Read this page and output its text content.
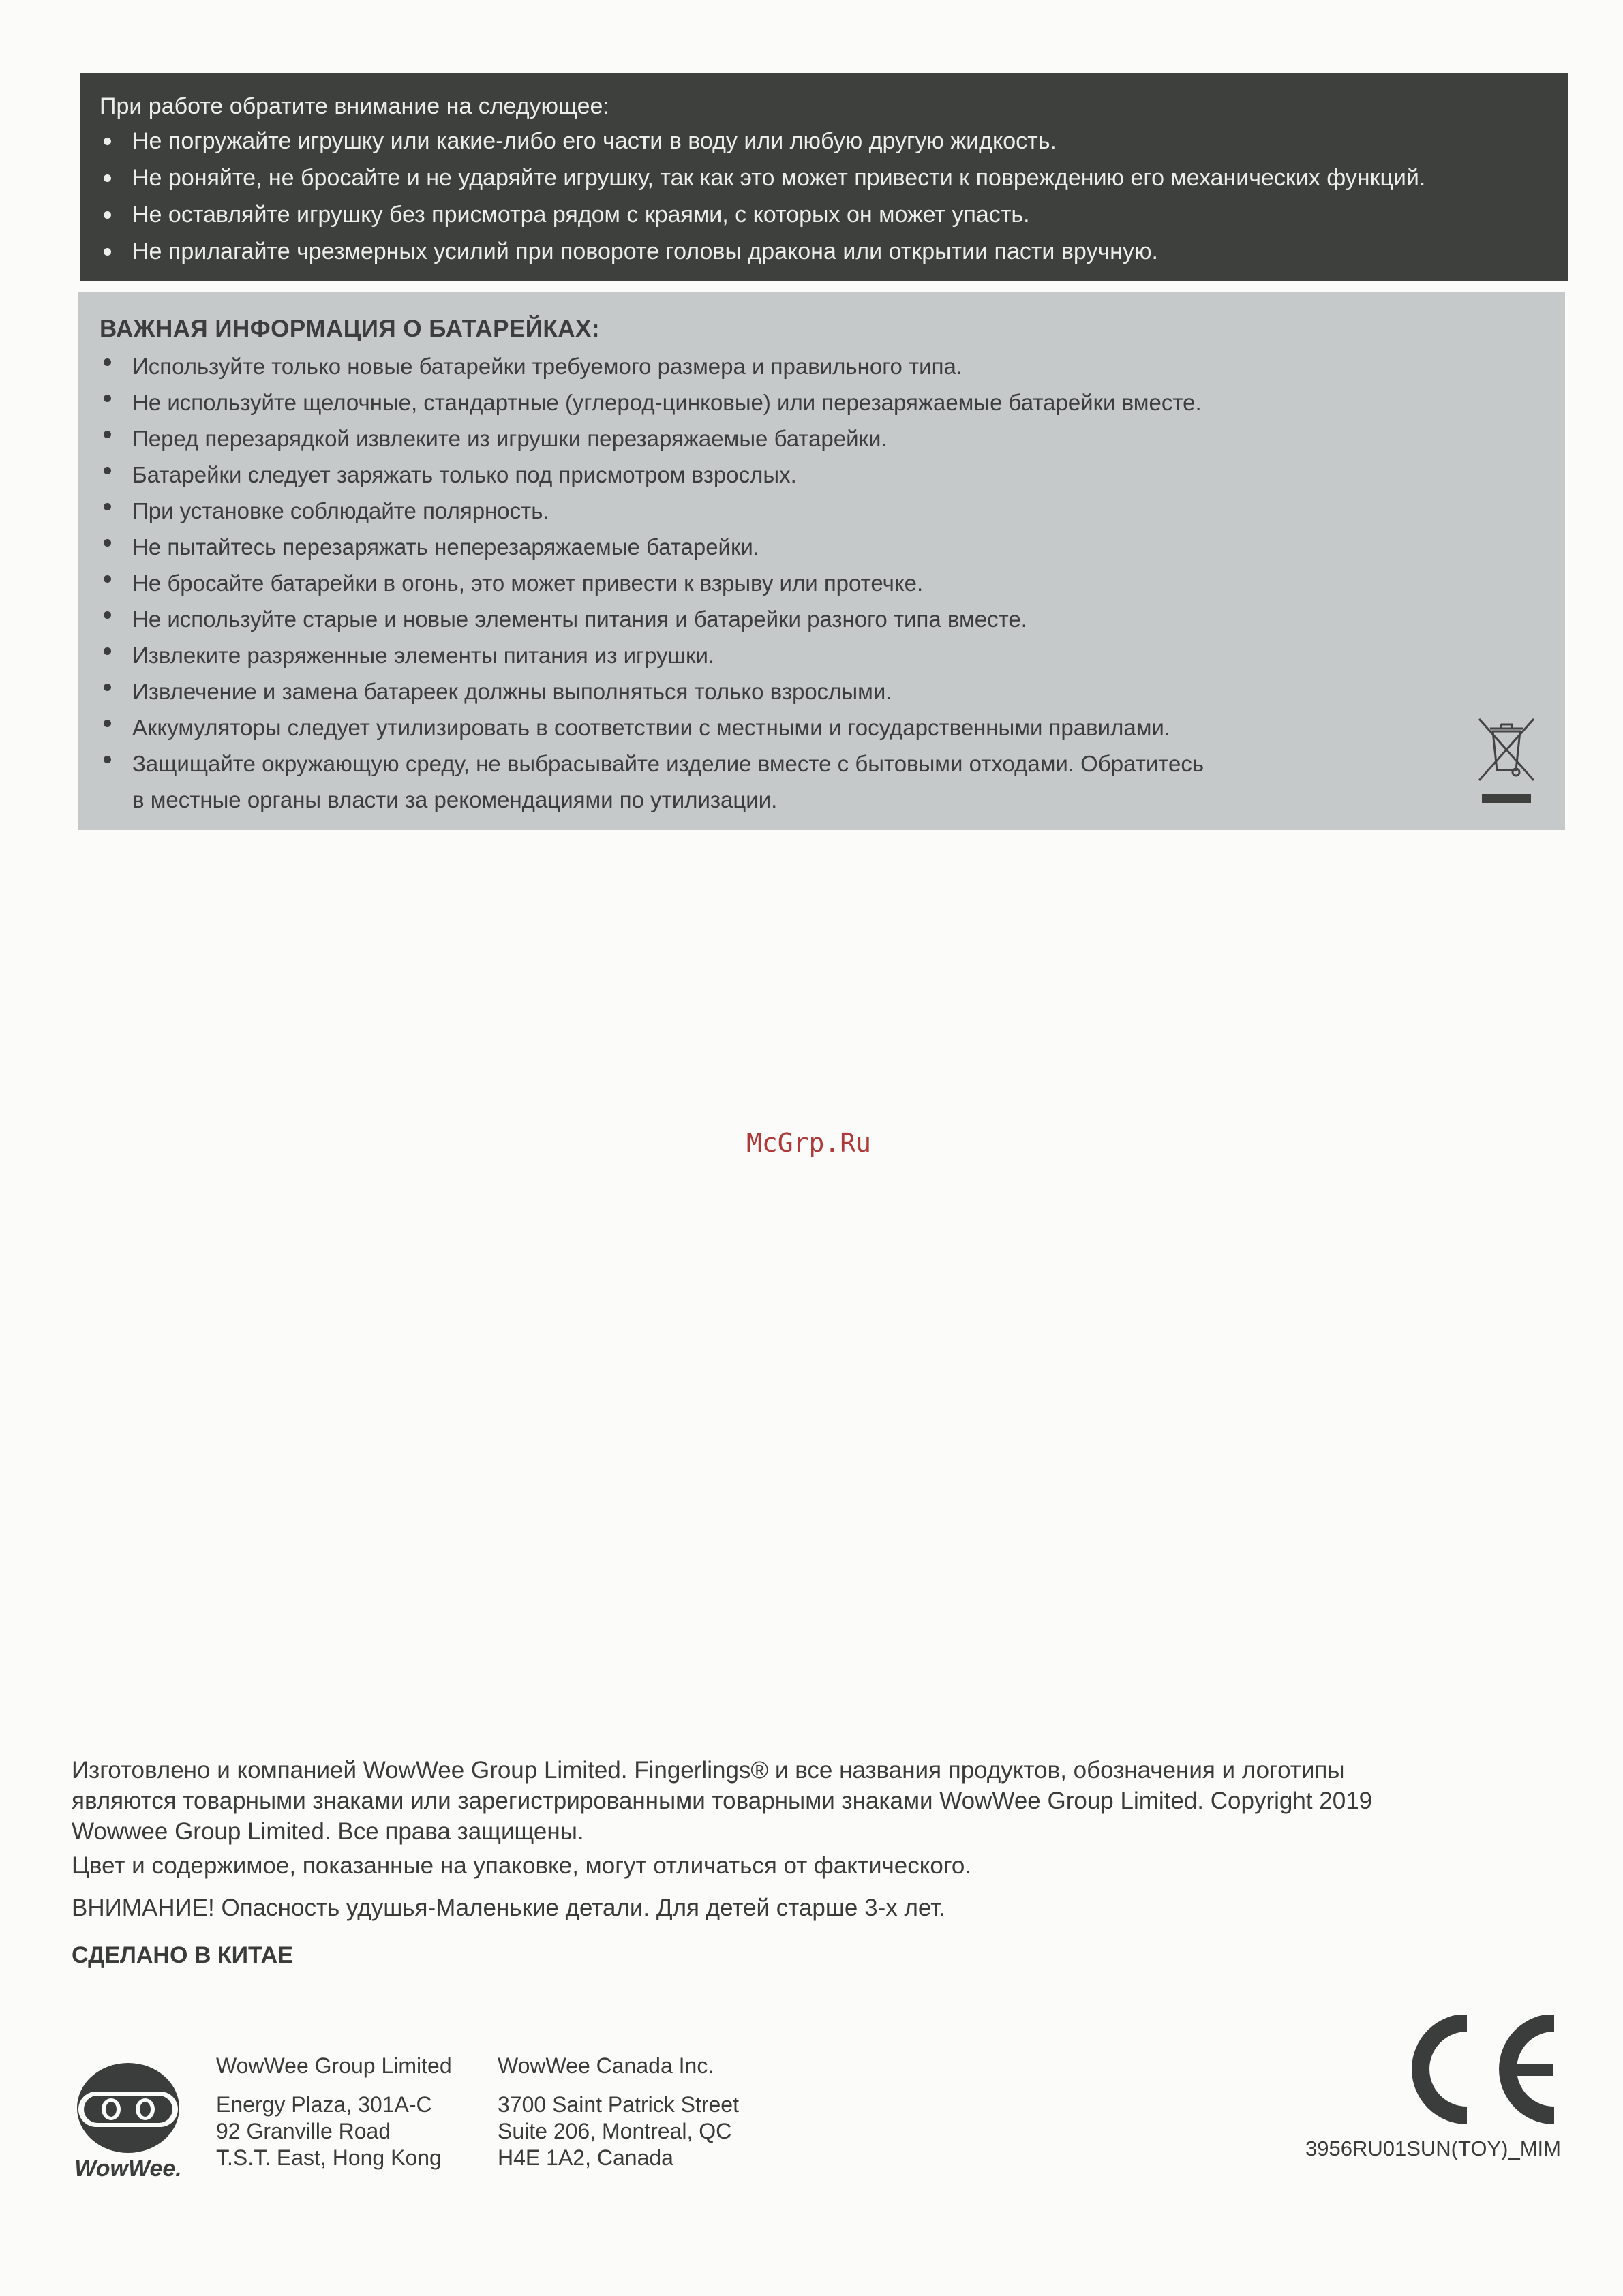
При работе обратите внимание на следующее:
Не погружайте игрушку или какие-либо его части в воду или любую другую жидкость.
Не роняйте, не бросайте и не ударяйте игрушку, так как это может привести к повреждению его механических функций.
Не оставляйте игрушку без присмотра рядом с краями, с которых он может упасть.
Не прилагайте чрезмерных усилий при повороте головы дракона или открытии пасти вручную.
ВАЖНАЯ ИНФОРМАЦИЯ О БАТАРЕЙКАХ:
Используйте только новые батарейки требуемого размера и правильного типа.
Не используйте щелочные, стандартные (углерод-цинковые) или перезаряжаемые батарейки вместе.
Перед перезарядкой извлеките из игрушки перезаряжаемые батарейки.
Батарейки следует заряжать только под присмотром взрослых.
При установке соблюдайте полярность.
Не пытайтесь перезаряжать неперезаряжаемые батарейки.
Не бросайте батарейки в огонь, это может привести к взрыву или протечке.
Не используйте старые и новые элементы питания и батарейки разного типа вместе.
Извлеките разряженные элементы питания из игрушки.
Извлечение и замена батареек должны выполняться только взрослыми.
Аккумуляторы следует утилизировать в соответствии с местными и государственными правилами.
Защищайте окружающую среду, не выбрасывайте изделие вместе с бытовыми отходами. Обратитесь
в местные органы власти за рекомендациями по утилизации.
McGrp.Ru
Изготовлено и компанией WowWee Group Limited. Fingerlings® и все названия продуктов, обозначения и логотипы
являются товарными знаками или зарегистрированными товарными знаками WowWee Group Limited. Copyright 2019
Wowwee Group Limited. Все права защищены.
Цвет и содержимое, показанные на упаковке, могут отличаться от фактического.
ВНИМАНИЕ! Опасность удушья-Маленькие детали. Для детей старше 3-х лет.
СДЕЛАНО В КИТАЕ
WowWee.
WowWee Group Limited
Energy Plaza, 301A-C
92 Granville Road
T.S.T. East, Hong Kong
WowWee Canada Inc.
3700 Saint Patrick Street
Suite 206, Montreal, QC
H4E 1A2, Canada	3956RU01SUN(TOY)_MIM
